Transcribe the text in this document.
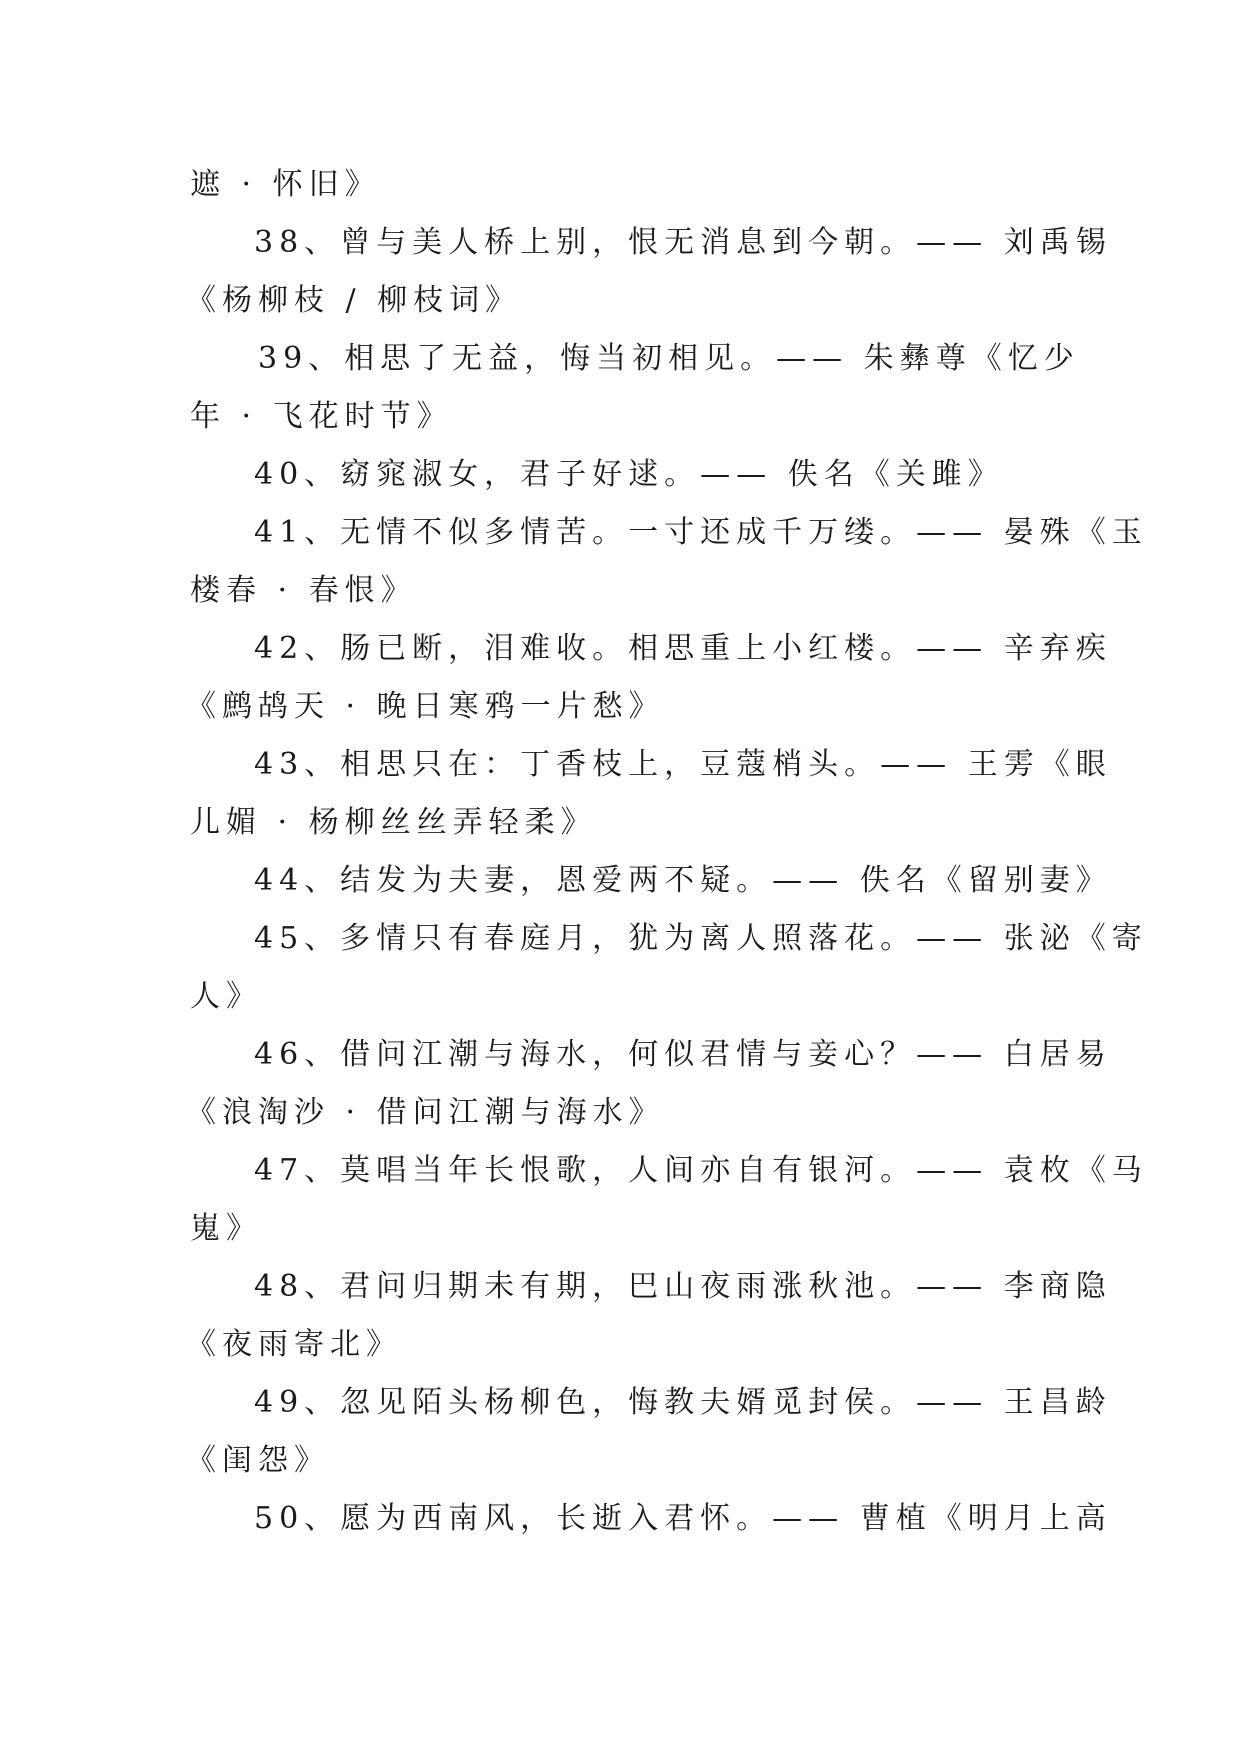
遮 · 怀旧》
38、曾与美人桥上别，恨无消息到今朝。—— 刘禹锡
《杨柳枝 / 柳枝词》
39、相思了无益，悔当初相见。—— 朱彝尊《忆少
年 · 飞花时节》
40、窈窕淑女，君子好逑。—— 佚名《关雎》
41、无情不似多情苦。一寸还成千万缕。—— 晏殊《玉
楼春 · 春恨》
42、肠已断，泪难收。相思重上小红楼。—— 辛弃疾
《鹧鸪天 · 晚日寒鸦一片愁》
43、相思只在：丁香枝上，豆蔻梢头。—— 王雱《眼
儿媚 · 杨柳丝丝弄轻柔》
44、结发为夫妻，恩爱两不疑。—— 佚名《留别妻》
45、多情只有春庭月，犹为离人照落花。—— 张泌《寄
人》
46、借问江潮与海水，何似君情与妾心？—— 白居易
《浪淘沙 · 借问江潮与海水》
47、莫唱当年长恨歌，人间亦自有银河。—— 袁枚《马
嵬》
48、君问归期未有期，巴山夜雨涨秋池。—— 李商隐
《夜雨寄北》
49、忽见陌头杨柳色，悔教夫婿觅封侯。—— 王昌龄
《闺怨》
50、愿为西南风，长逝入君怀。—— 曹植《明月上高
